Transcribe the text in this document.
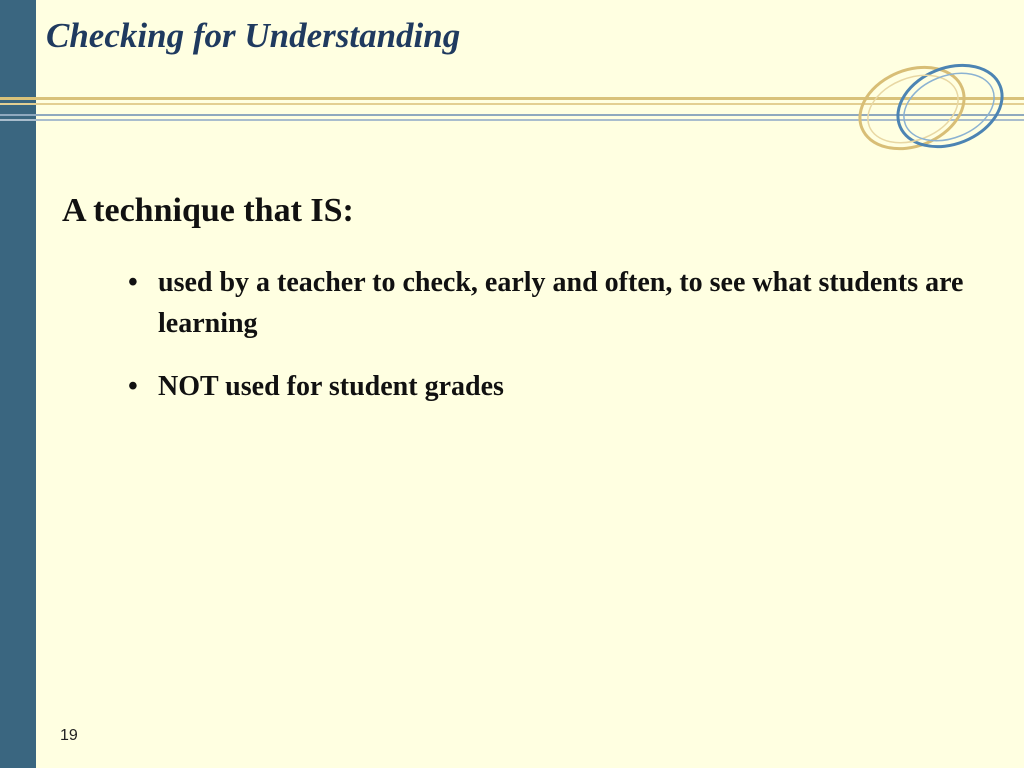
Checking for Understanding
A technique that IS:
• used by a teacher to check, early and often, to see what students are learning
• NOT used for student grades
19
